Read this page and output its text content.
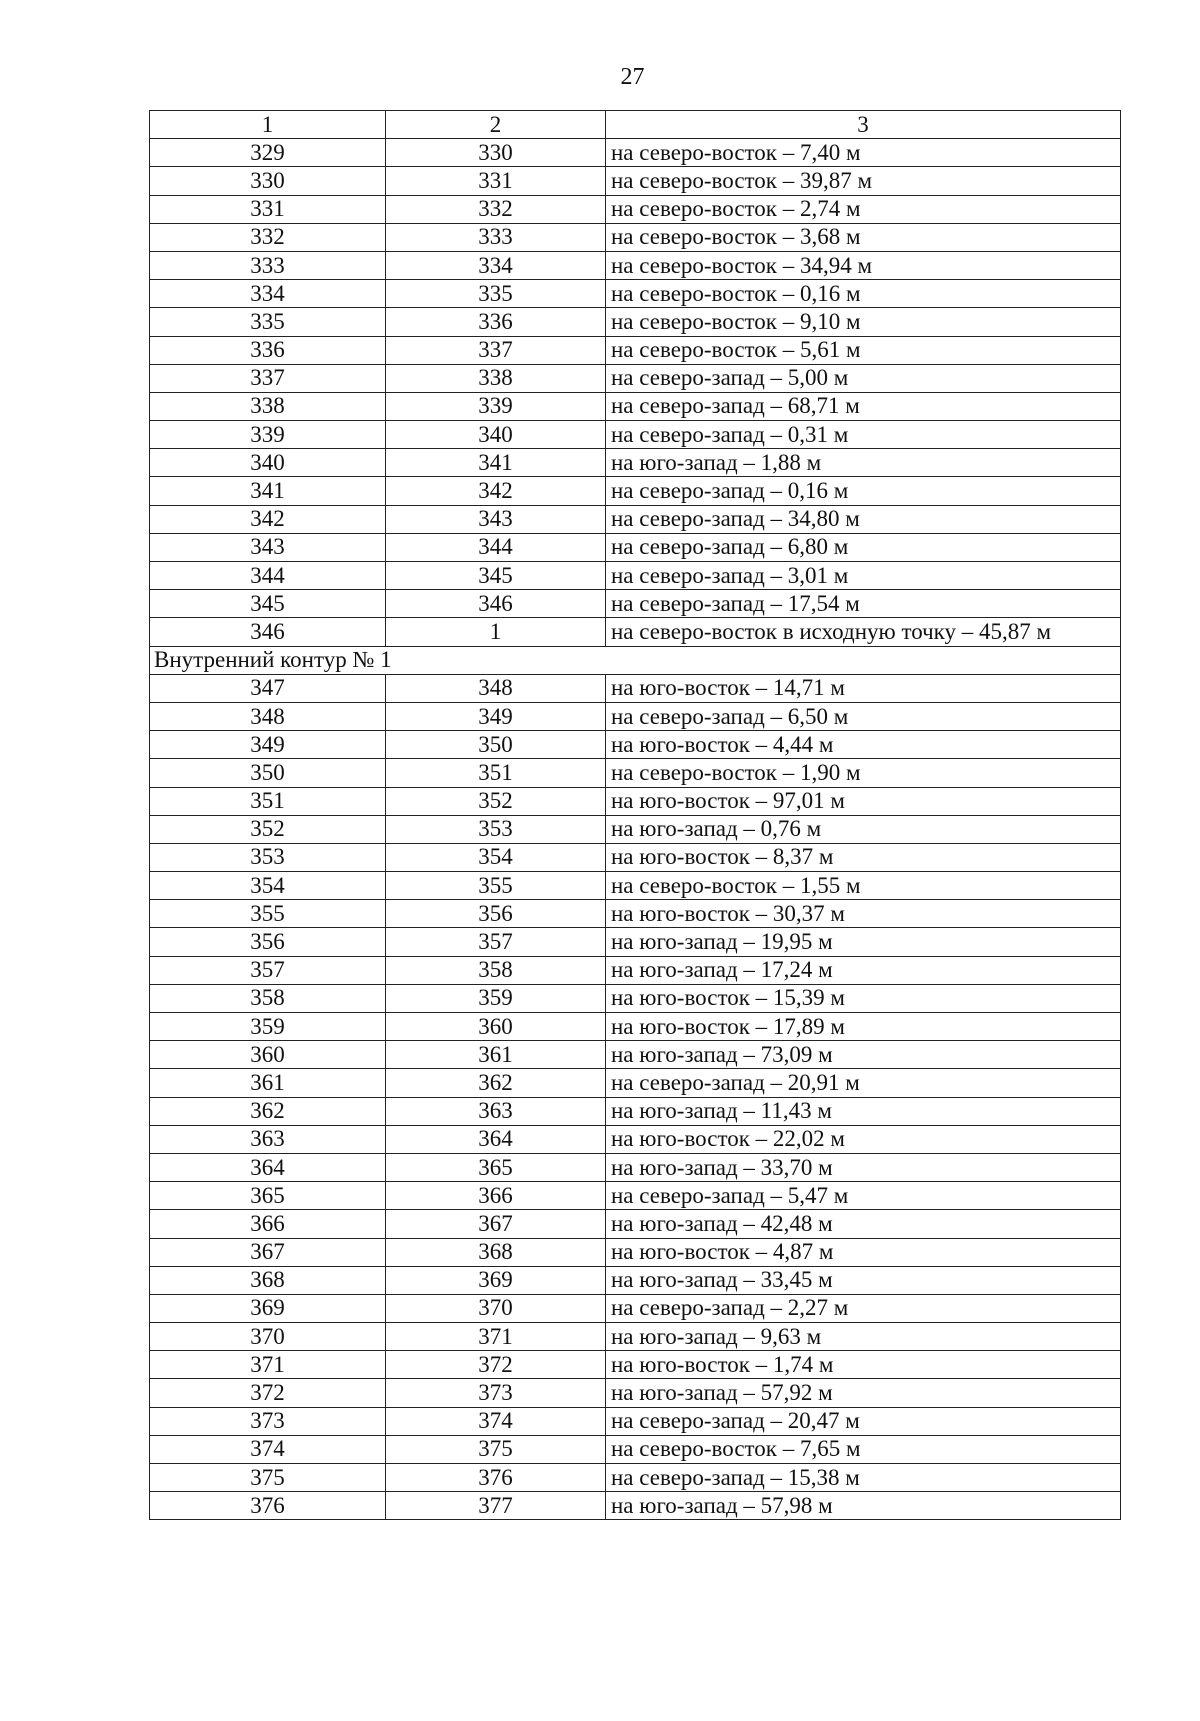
27
1	2	3
329	330	на северо-восток – 7,40 м
330	331	на северо-восток – 39,87 м
331	332	на северо-восток – 2,74 м
332	333	на северо-восток – 3,68 м
333	334	на северо-восток – 34,94 м
334	335	на северо-восток – 0,16 м
335	336	на северо-восток – 9,10 м
336	337	на северо-восток – 5,61 м
337	338	на северо-запад – 5,00 м
338	339	на северо-запад – 68,71 м
339	340	на северо-запад – 0,31 м
340	341	на юго-запад – 1,88 м
341	342	на северо-запад – 0,16 м
342	343	на северо-запад – 34,80 м
343	344	на северо-запад – 6,80 м
344	345	на северо-запад – 3,01 м
345	346	на северо-запад – 17,54 м
346	1	на северо-восток в исходную точку – 45,87 м
Внутренний контур № 1		
347	348	на юго-восток – 14,71 м
348	349	на северо-запад – 6,50 м
349	350	на юго-восток – 4,44 м
350	351	на северо-восток – 1,90 м
351	352	на юго-восток – 97,01 м
352	353	на юго-запад – 0,76 м
353	354	на юго-восток – 8,37 м
354	355	на северо-восток – 1,55 м
355	356	на юго-восток – 30,37 м
356	357	на юго-запад – 19,95 м
357	358	на юго-запад – 17,24 м
358	359	на юго-восток – 15,39 м
359	360	на юго-восток – 17,89 м
360	361	на юго-запад – 73,09 м
361	362	на северо-запад – 20,91 м
362	363	на юго-запад – 11,43 м
363	364	на юго-восток – 22,02 м
364	365	на юго-запад – 33,70 м
365	366	на северо-запад – 5,47 м
366	367	на юго-запад – 42,48 м
367	368	на юго-восток – 4,87 м
368	369	на юго-запад – 33,45 м
369	370	на северо-запад – 2,27 м
370	371	на юго-запад – 9,63 м
371	372	на юго-восток – 1,74 м
372	373	на юго-запад – 57,92 м
373	374	на северо-запад – 20,47 м
374	375	на северо-восток – 7,65 м
375	376	на северо-запад – 15,38 м
376	377	на юго-запад – 57,98 м
